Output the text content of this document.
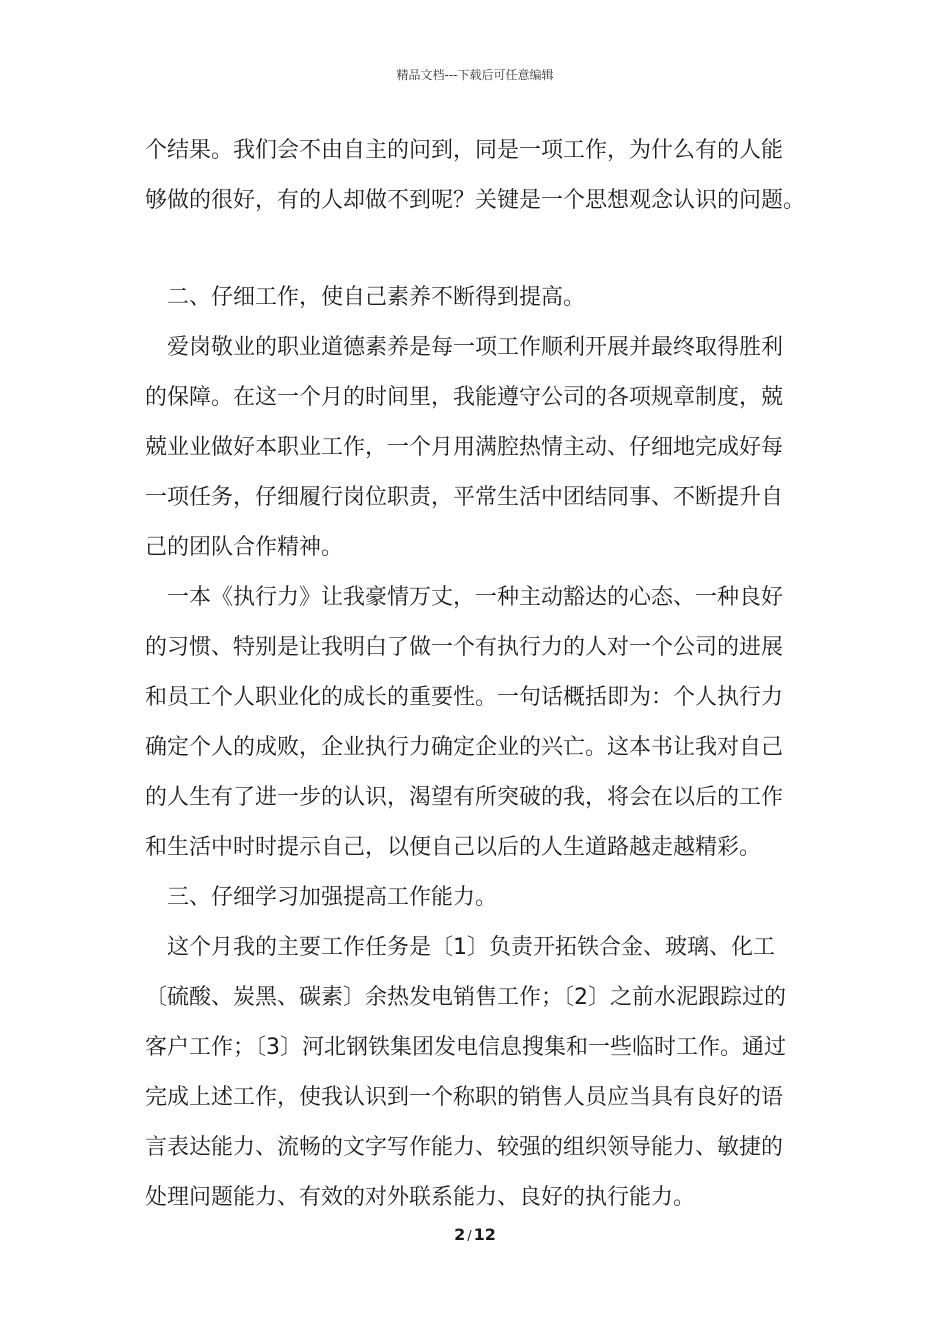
精品文档---下载后可任意编辑
个结果。我们会不由自主的问到，同是一项工作，为什么有的人能
够做的很好，有的人却做不到呢？关键是一个思想观念认识的问题。
二、仔细工作，使自己素养不断得到提高。
爱岗敬业的职业道德素养是每一项工作顺利开展并最终取得胜利
的保障。在这一个月的时间里，我能遵守公司的各项规章制度，兢
兢业业做好本职业工作，一个月用满腔热情主动、仔细地完成好每
一项任务，仔细履行岗位职责，平常生活中团结同事、不断提升自
己的团队合作精神。
一本《执行力》让我豪情万丈，一种主动豁达的心态、一种良好
的习惯、特别是让我明白了做一个有执行力的人对一个公司的进展
和员工个人职业化的成长的重要性。一句话概括即为：个人执行力
确定个人的成败，企业执行力确定企业的兴亡。这本书让我对自己
的人生有了进一步的认识，渴望有所突破的我，将会在以后的工作
和生活中时时提示自己，以便自己以后的人生道路越走越精彩。
三、仔细学习加强提高工作能力。
这个月我的主要工作任务是〔1〕负责开拓铁合金、玻璃、化工
〔硫酸、炭黑、碳素〕余热发电销售工作；〔2〕之前水泥跟踪过的
客户工作；〔3〕河北钢铁集团发电信息搜集和一些临时工作。通过
完成上述工作，使我认识到一个称职的销售人员应当具有良好的语
言表达能力、流畅的文字写作能力、较强的组织领导能力、敏捷的
处理问题能力、有效的对外联系能力、良好的执行能力。
2 / 12
